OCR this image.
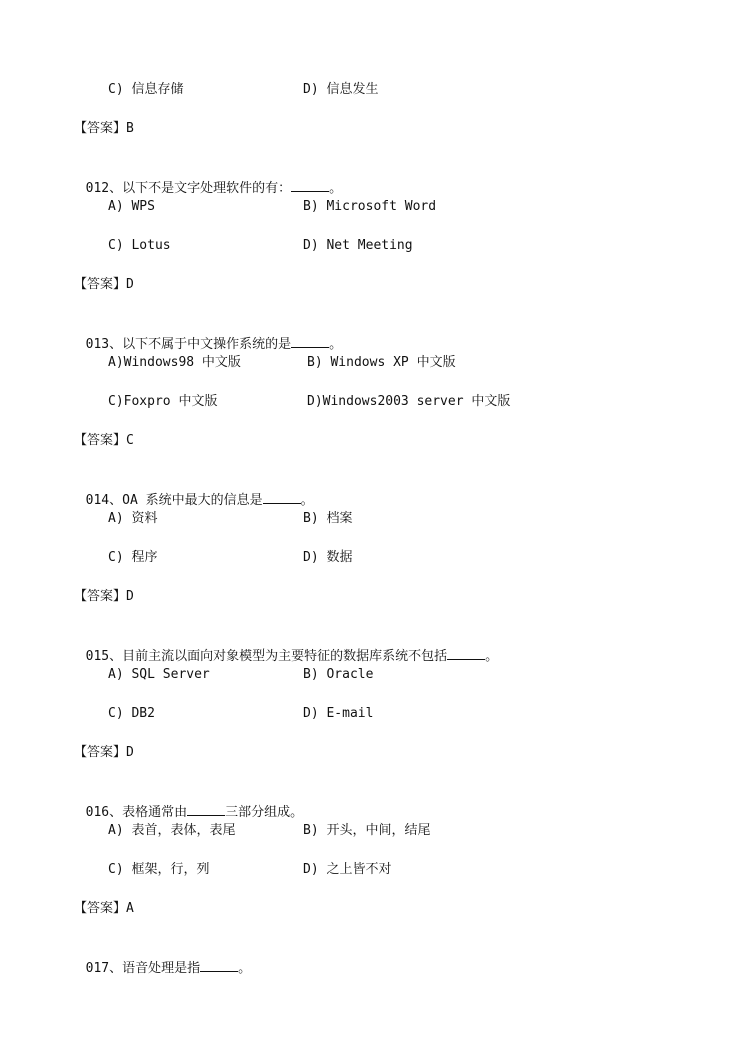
C) 信息存储	D) 信息发生
【答案】B

012、以下不是文字处理软件的有：	。

A) WPS	B) Microsoft Word
C) Lotus	D) Net Meeting
【答案】D

013、以下不属于中文操作系统的是	。

A)Windows98 中文版	B) Windows XP 中文版
C)Foxpro 中文版	D)Windows2003 server 中文版
【答案】C

014、OA 系统中最大的信息是	。

A) 资料	B) 档案
C) 程序	D) 数据
【答案】D

015、目前主流以面向对象模型为主要特征的数据库系统不包括	。

A) SQL Server	B) Oracle
C) DB2	D) E-mail
【答案】D

016、表格通常由	三部分组成。

A) 表首，表体，表尾	B) 开头，中间，结尾
C) 框架，行，列	D) 之上皆不对
【答案】A

017、语音处理是指	。
